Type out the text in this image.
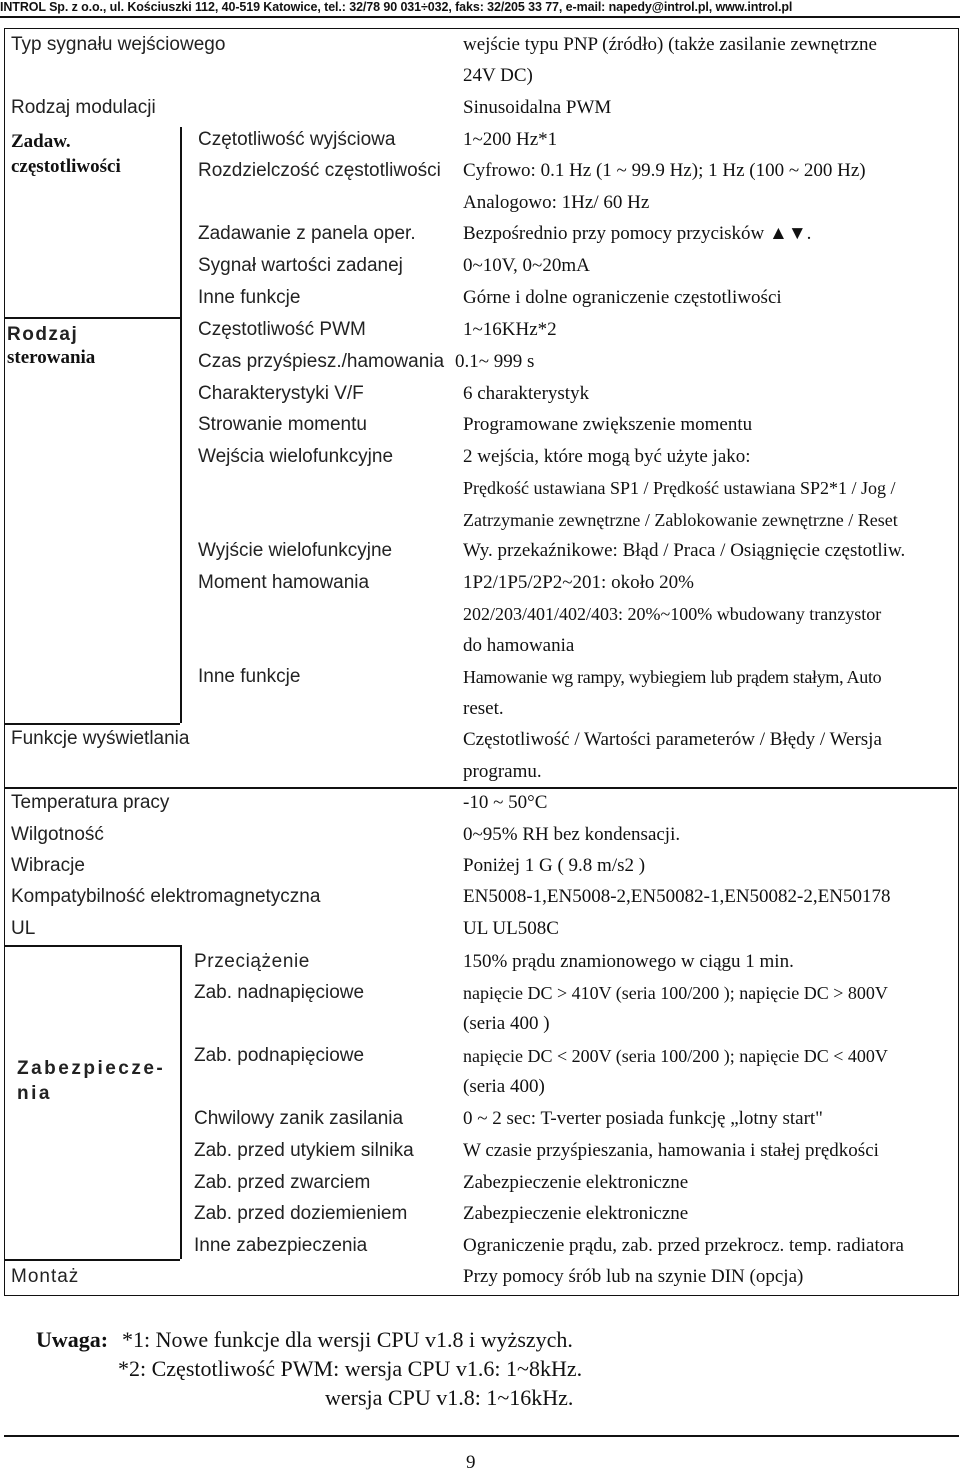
INTROL Sp. z o.o., ul. Kościuszki 112, 40-519 Katowice, tel.: 32/78 90 031÷032, faks: 32/205 33 77, e-mail: napedy@introl.pl, www.introl.pl
Typ sygnału wejściowego
Rodzaj modulacji
Zadaw.
częstotliwości
Rodzaj
sterowania
Funkcje wyświetlania
Temperatura pracy
Wilgotność
Wibracje
Kompatybilność elektromagnetyczna
UL
Zabezpiecze-
nia
Montaż
Czętotliwość wyjściowa
Rozdzielczość częstotliwości
Zadawanie z panela oper.
Sygnał wartości zadanej
Inne funkcje
Częstotliwość PWM
Czas przyśpiesz./hamowania
Charakterystyki V/F
Strowanie momentu
Wejścia wielofunkcyjne
Wyjście wielofunkcyjne
Moment hamowania
Inne funkcje
Przeciążenie
Zab. nadnapięciowe
Zab. podnapięciowe
Chwilowy zanik zasilania
Zab. przed utykiem silnika
Zab. przed zwarciem
Zab. przed doziemieniem
Inne zabezpieczenia
wejście typu PNP (źródło) (także zasilanie zewnętrzne
24V DC)
Sinusoidalna PWM
1~200 Hz*1
Cyfrowo: 0.1 Hz (1 ~ 99.9 Hz); 1 Hz (100 ~ 200 Hz)
Analogowo: 1Hz/ 60 Hz
Bezpośrednio przy pomocy przycisków ▲▼.
0~10V, 0~20mA
Górne i dolne ograniczenie częstotliwości
1~16KHz*2
0.1~ 999 s
6 charakterystyk
Programowane zwiększenie momentu
2 wejścia, które mogą być użyte jako:
Prędkość ustawiana SP1 / Prędkość ustawiana SP2*1 / Jog /
Zatrzymanie zewnętrzne / Zablokowanie zewnętrzne / Reset
Wy. przekaźnikowe: Błąd / Praca / Osiągnięcie częstotliw.
1P2/1P5/2P2~201: około 20%
202/203/401/402/403: 20%~100% wbudowany tranzystor
do hamowania
Hamowanie wg rampy, wybiegiem lub prądem stałym, Auto
reset.
Częstotliwość / Wartości parameterów / Błędy / Wersja
programu.
-10 ~ 50°C
0~95% RH bez kondensacji.
Poniżej 1 G ( 9.8 m/s2 )
EN5008-1,EN5008-2,EN50082-1,EN50082-2,EN50178
UL UL508C
150% prądu znamionowego w ciągu 1 min.
napięcie DC > 410V (seria 100/200 ); napięcie DC > 800V
(seria 400 )
napięcie DC < 200V (seria 100/200 ); napięcie DC < 400V
(seria 400)
0 ~ 2 sec: T-verter posiada funkcję „lotny start"
W czasie przyśpieszania, hamowania i stałej prędkości
Zabezpieczenie elektroniczne
Zabezpieczenie elektroniczne
Ograniczenie prądu, zab. przed przekrocz. temp. radiatora
Przy pomocy śrób lub na szynie DIN (opcja)
Uwaga: *1: Nowe funkcje dla wersji CPU v1.8 i wyższych.
*2: Częstotliwość PWM: wersja CPU v1.6: 1~8kHz.
wersja CPU v1.8: 1~16kHz.
9
